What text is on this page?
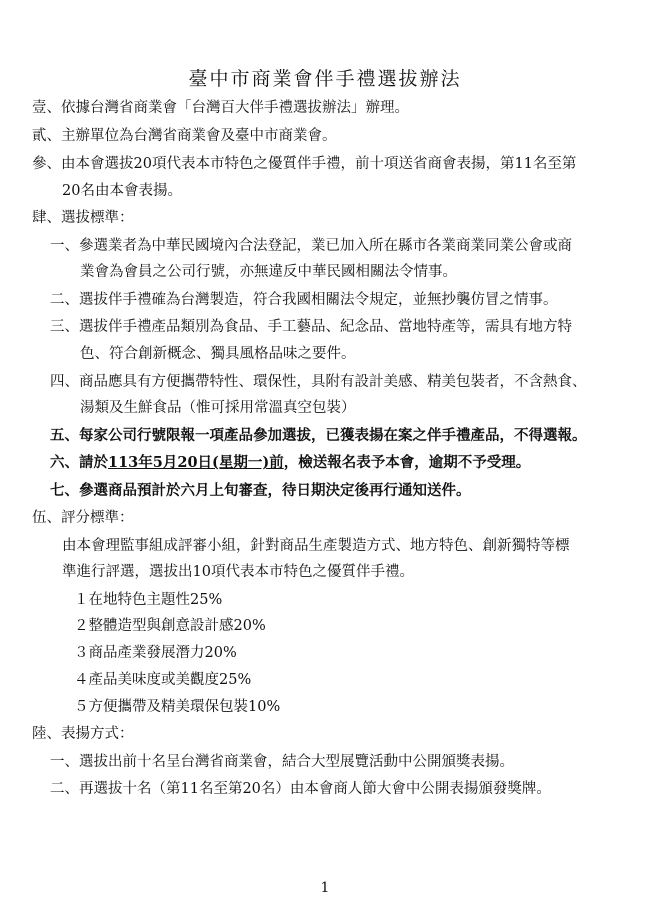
臺中市商業會伴手禮選拔辦法
壹、依據台灣省商業會「台灣百大伴手禮選拔辦法」辦理。
貳、主辦單位為台灣省商業會及臺中市商業會。
參、由本會選拔20項代表本市特色之優質伴手禮，前十項送省商會表揚，第11名至第
20名由本會表揚。
肆、選拔標準：
一、參選業者為中華民國境內合法登記，業已加入所在縣市各業商業同業公會或商
業會為會員之公司行號，亦無違反中華民國相關法令情事。
二、選拔伴手禮確為台灣製造，符合我國相關法令規定，並無抄襲仿冒之情事。
三、選拔伴手禮產品類別為食品、手工藝品、紀念品、當地特產等，需具有地方特
色、符合創新概念、獨具風格品味之要件。
四、商品應具有方便攜帶特性、環保性，具附有設計美感、精美包裝者，不含熱食、
湯類及生鮮食品（惟可採用常溫真空包裝）
五、每家公司行號限報一項產品參加選拔，已獲表揚在案之伴手禮產品，不得選報。
六、請於113年5月20日(星期一)前，檢送報名表予本會，逾期不予受理。
七、參選商品預計於六月上旬審查，待日期決定後再行通知送件。
伍、評分標準：
由本會理監事組成評審小組，針對商品生產製造方式、地方特色、創新獨特等標
準進行評選，選拔出10項代表本市特色之優質伴手禮。
１在地特色主題性25%
２整體造型與創意設計感20%
３商品產業發展潛力20%
４產品美味度或美觀度25%
５方便攜帶及精美環保包裝10%
陸、表揚方式：
一、選拔出前十名呈台灣省商業會，結合大型展覽活動中公開頒獎表揚。
二、再選拔十名（第11名至第20名）由本會商人節大會中公開表揚頒發獎牌。
1
